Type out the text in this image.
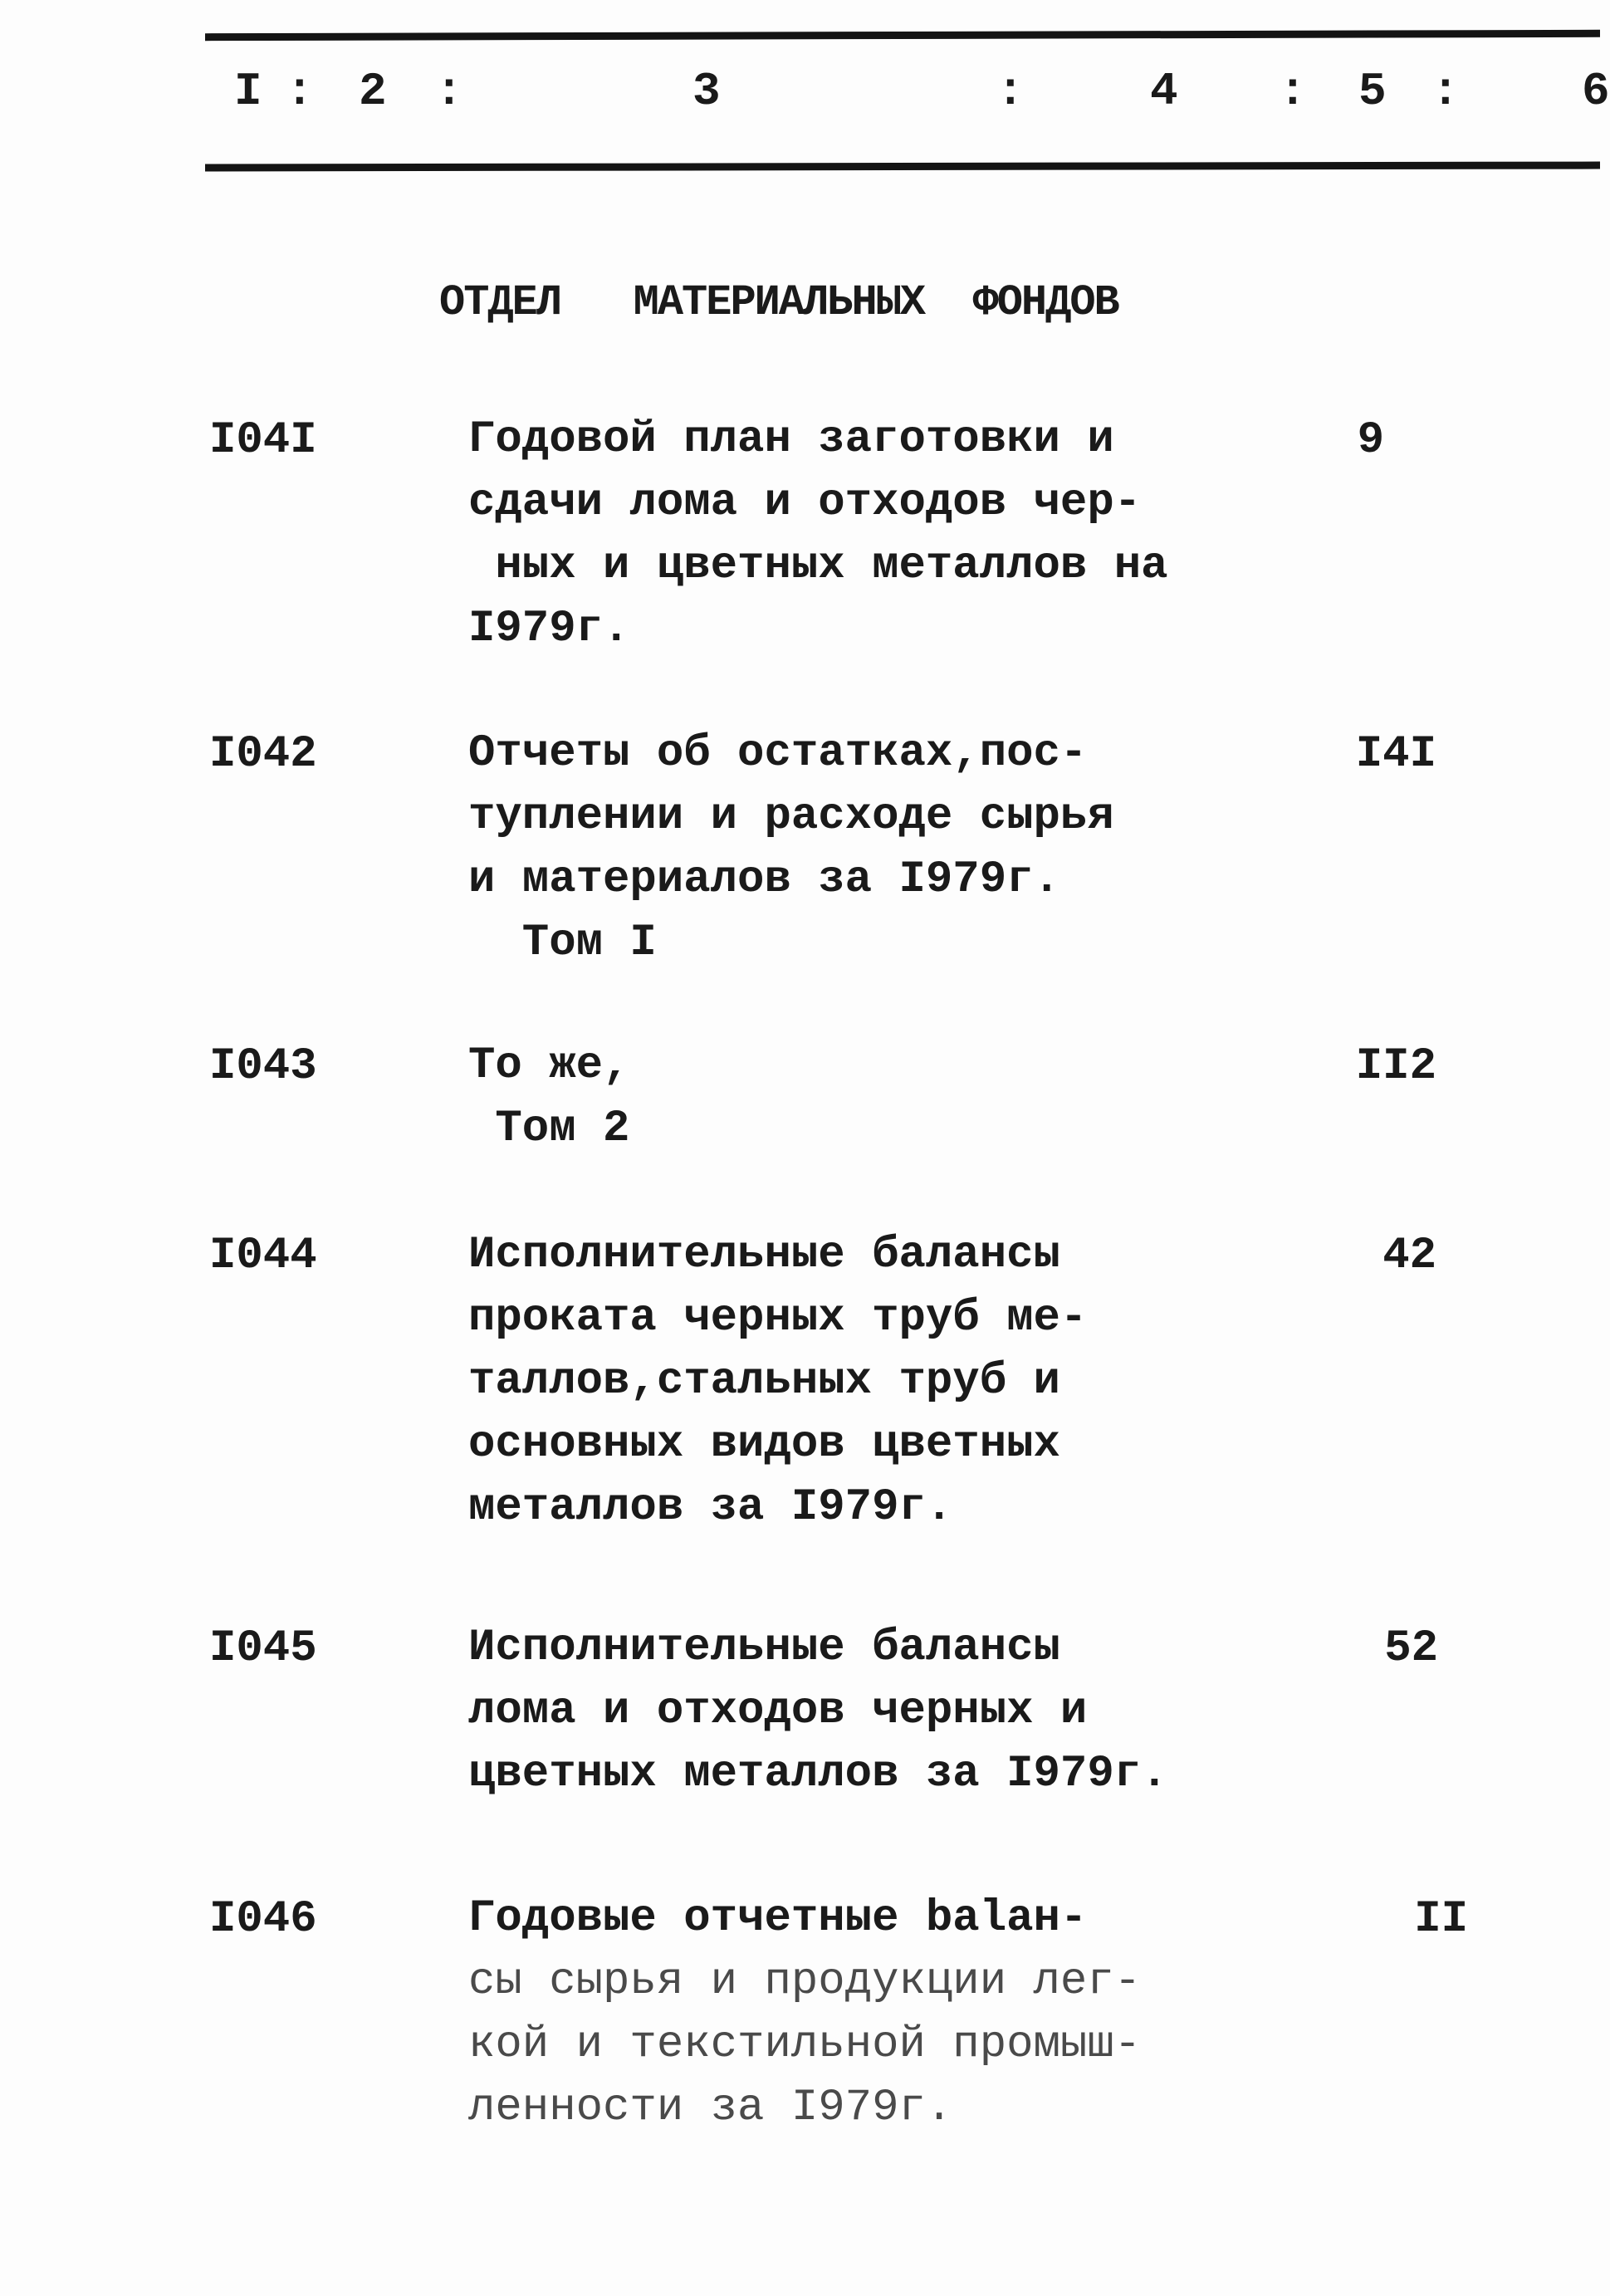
I : 2 :	3	:	4 : 5 :	6
ОТДЕЛ   МАТЕРИАЛЬНЫХ  ФОНДОВ
I04I	Годовой план заготовки и
сдачи лома и отходов чер-
ных и цветных металлов на
I979г.
9
I042	Отчеты об остатках,пос-
туплении и расходе сырья
и материалов за I979г.
Том I
I4I
I043	То же,
Том 2
II2
I044	Исполнительные балансы
проката черных труб ме-
таллов,стальных труб и
основных видов цветных
металлов за I979г.
42
I045	Исполнительные балансы
лома и отходов черных и
цветных металлов за I979г.
52
I046	Годовые отчетные balан-
сы сырья и продукции лег-
кой и текстильной промыш-
ленности за I979г.
II
